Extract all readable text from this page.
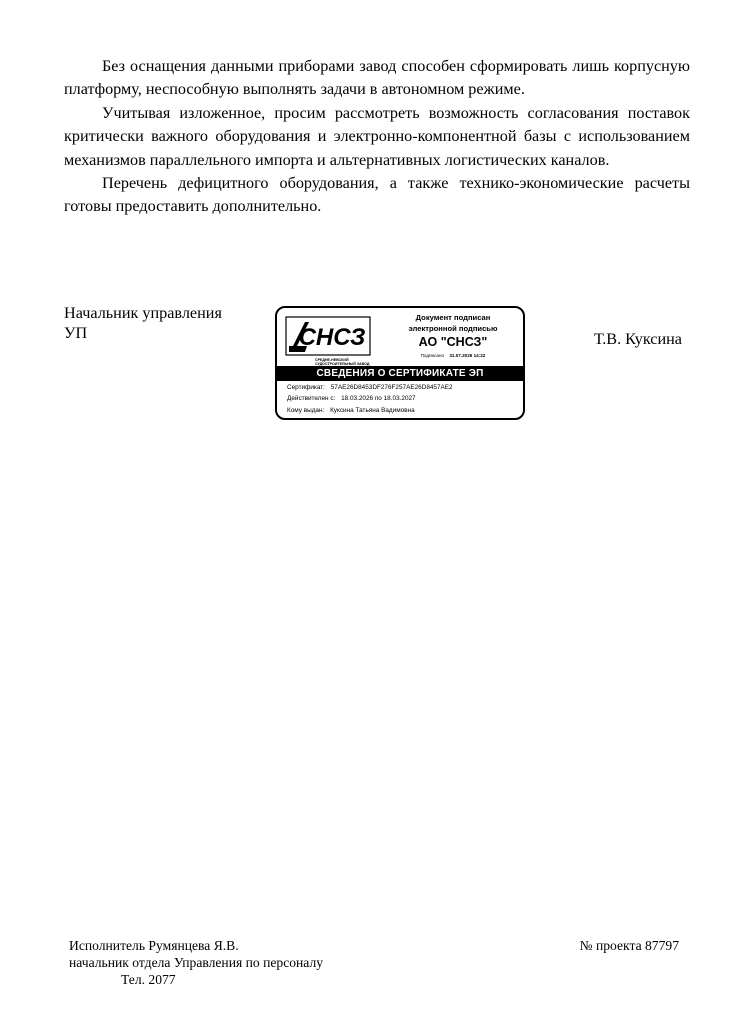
Без оснащения данными приборами завод способен сформировать лишь корпусную платформу, неспособную выполнять задачи в автономном режиме.

Учитывая изложенное, просим рассмотреть возможность согласования поставок критически важного оборудования и электронно-компонентной базы с использованием механизмов параллельного импорта и альтернативных логистических каналов.

Перечень дефицитного оборудования, а также технико-экономические расчеты готовы предоставить дополнительно.

Начальник управления
УП	Т.В. Куксина
СНСЗ
СРЕДНЕ-НЕВСКИЙ СУДОСТРОИТЕЛЬНЫЙ ЗАВОД
Документ подписан
электронной подписью
АО "СНСЗ"
Подписано 31.07.2026 14:22
СВЕДЕНИЯ О СЕРТИФИКАТЕ ЭП
Сертификат: 57AE26D8453DF276F257AE26D8457AE2
Действителен с: 18.03.2026 по 18.03.2027
Кому выдан: Куксина Татьяна Вадимовна
Исполнитель Румянцева Я.В.
начальник отдела Управления по персоналу
Тел. 2077
№ проекта 87797
